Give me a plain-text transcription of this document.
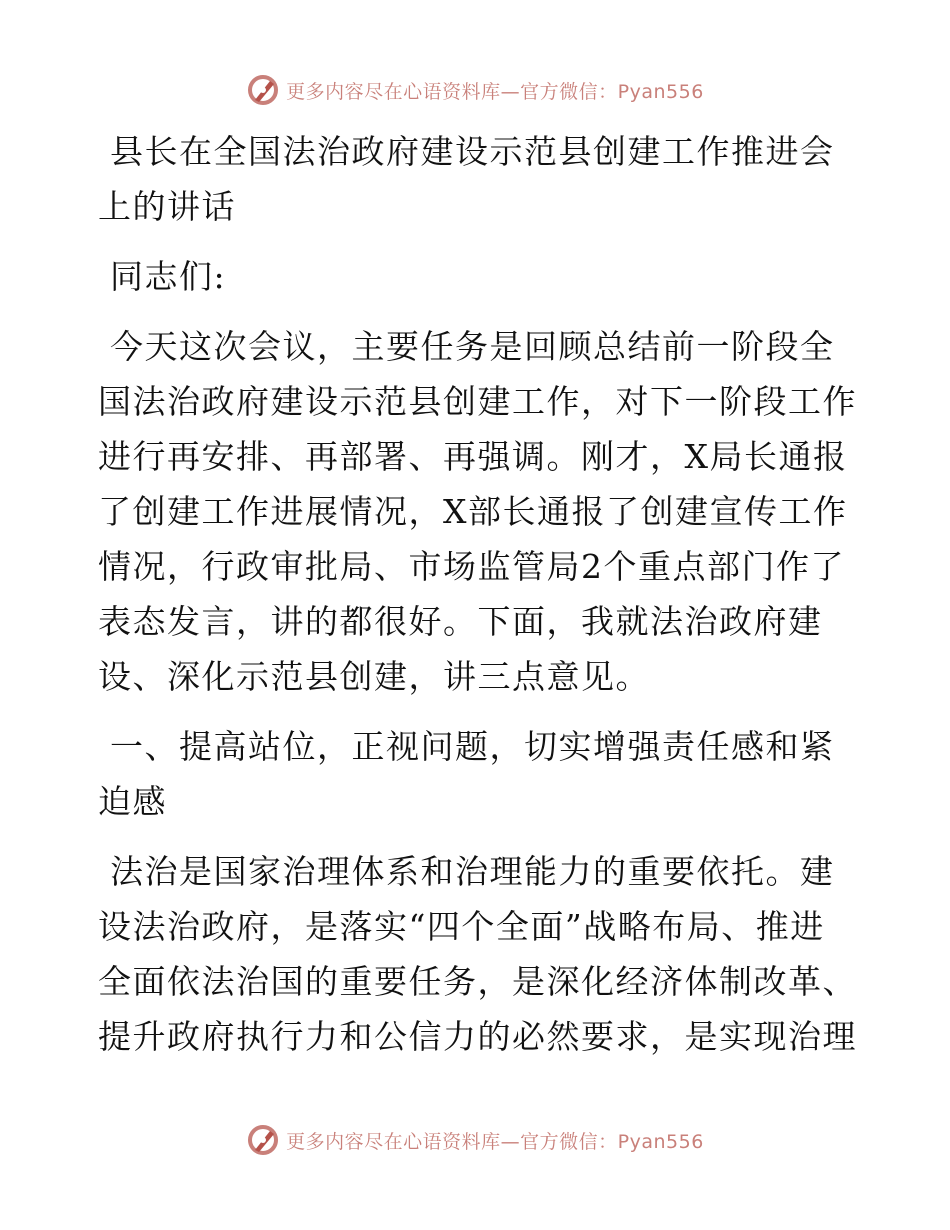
更多内容尽在心语资料库—官方微信：Pyan556

县长在全国法治政府建设示范县创建工作推进会上的讲话

同志们:

今天这次会议，主要任务是回顾总结前一阶段全国法治政府建设示范县创建工作，对下一阶段工作进行再安排、再部署、再强调。刚才，X局长通报了创建工作进展情况，X部长通报了创建宣传工作情况，行政审批局、市场监管局2个重点部门作了表态发言，讲的都很好。下面，我就法治政府建设、深化示范县创建，讲三点意见。

一、提高站位，正视问题，切实增强责任感和紧迫感

法治是国家治理体系和治理能力的重要依托。建设法治政府，是落实“四个全面”战略布局、推进全面依法治国的重要任务，是深化经济体制改革、提升政府执行力和公信力的必然要求，是实现治理

更多内容尽在心语资料库—官方微信：Pyan556
